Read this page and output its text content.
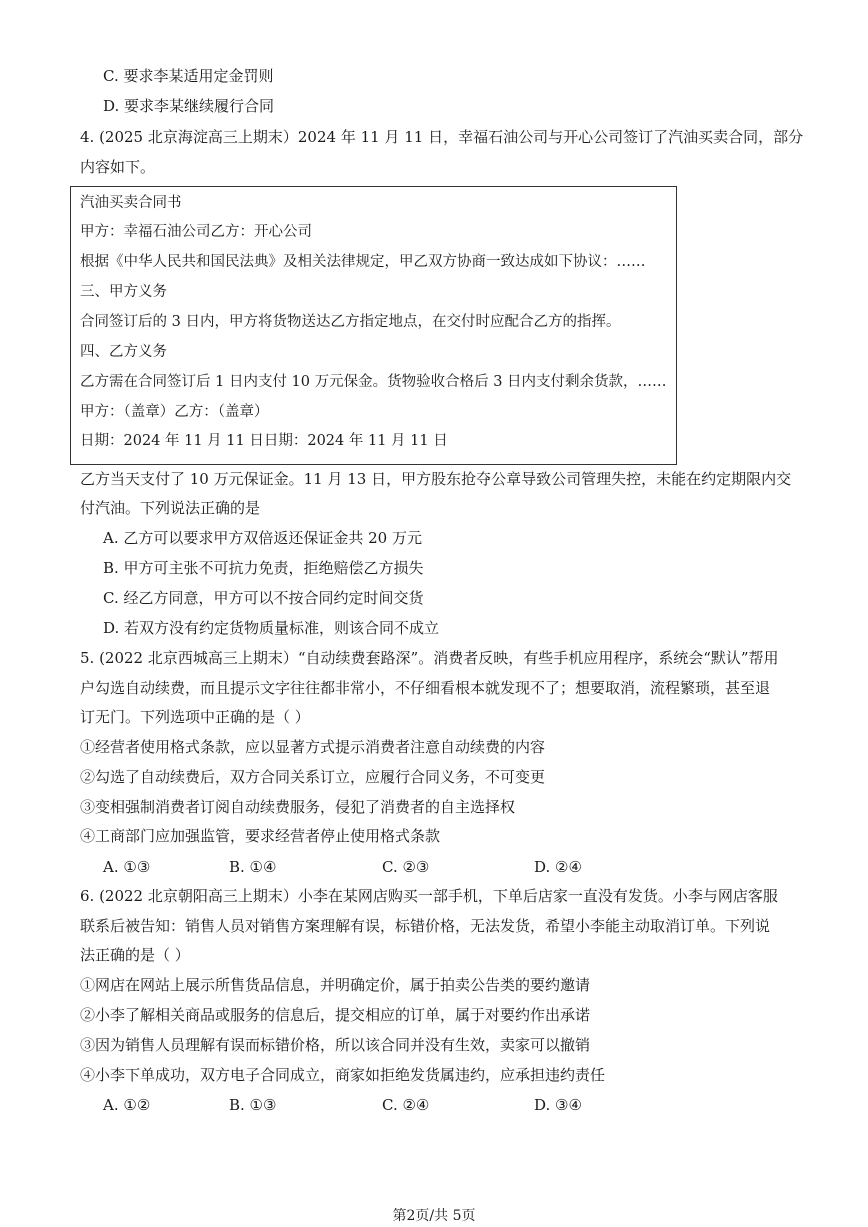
C. 要求李某适用定金罚则
D. 要求李某继续履行合同
4. (2025 北京海淀高三上期末）2024 年 11 月 11 日，幸福石油公司与开心公司签订了汽油买卖合同，部分
内容如下。
汽油买卖合同书
甲方：幸福石油公司乙方：开心公司
根据《中华人民共和国民法典》及相关法律规定，甲乙双方协商一致达成如下协议：……
三、甲方义务
合同签订后的 3 日内，甲方将货物送达乙方指定地点，在交付时应配合乙方的指挥。
四、乙方义务
乙方需在合同签订后 1 日内支付 10 万元保金。货物验收合格后 3 日内支付剩余货款，……
甲方：（盖章）乙方：（盖章）
日期：2024 年 11 月 11 日日期：2024 年 11 月 11 日
乙方当天支付了 10 万元保证金。11 月 13 日，甲方股东抢夺公章导致公司管理失控，未能在约定期限内交
付汽油。下列说法正确的是
A. 乙方可以要求甲方双倍返还保证金共 20 万元
B. 甲方可主张不可抗力免责，拒绝赔偿乙方损失
C. 经乙方同意，甲方可以不按合同约定时间交货
D. 若双方没有约定货物质量标准，则该合同不成立
5. (2022 北京西城高三上期末）“自动续费套路深”。消费者反映，有些手机应用程序，系统会“默认”帮用
户勾选自动续费，而且提示文字往往都非常小，不仔细看根本就发现不了；想要取消，流程繁琐，甚至退
订无门。下列选项中正确的是（ ）
①经营者使用格式条款，应以显著方式提示消费者注意自动续费的内容
②勾选了自动续费后，双方合同关系订立，应履行合同义务，不可变更
③变相强制消费者订阅自动续费服务，侵犯了消费者的自主选择权
④工商部门应加强监管，要求经营者停止使用格式条款
A. ①③	B. ①④	C. ②③	D. ②④
6. (2022 北京朝阳高三上期末）小李在某网店购买一部手机，下单后店家一直没有发货。小李与网店客服
联系后被告知：销售人员对销售方案理解有误，标错价格，无法发货，希望小李能主动取消订单。下列说
法正确的是（ ）
①网店在网站上展示所售货品信息，并明确定价，属于拍卖公告类的要约邀请
②小李了解相关商品或服务的信息后，提交相应的订单，属于对要约作出承诺
③因为销售人员理解有误而标错价格，所以该合同并没有生效，卖家可以撤销
④小李下单成功，双方电子合同成立，商家如拒绝发货属违约，应承担违约责任
A. ①②	B. ①③	C. ②④	D. ③④
第2页/共 5页
